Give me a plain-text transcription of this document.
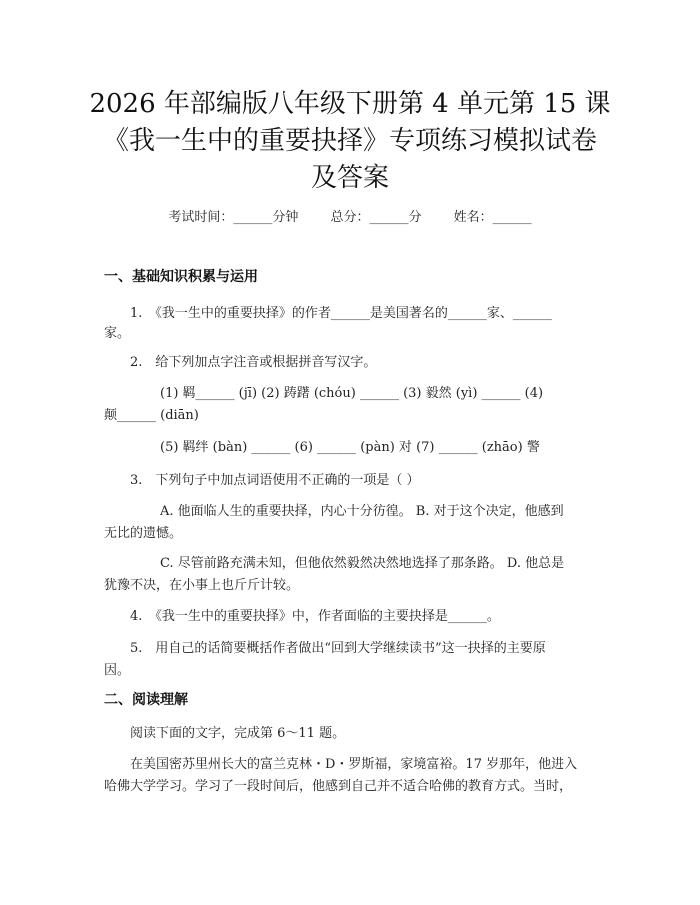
2026 年部编版八年级下册第 4 单元第 15 课
《我一生中的重要抉择》专项练习模拟试卷
及答案
考试时间：______分钟 总分：______分 姓名：______
一、基础知识积累与运用
1.　《我一生中的重要抉择》的作者______是美国著名的______家、______
家。
2.　给下列加点字注音或根据拼音写汉字。
(1) 羁______ (jī) (2) 踌躇 (chóu) ______ (3) 毅然 (yì) ______ (4)
颠______ (diān)
(5) 羁绊 (bàn) ______ (6) ______ (pàn) 对 (7) ______ (zhāo) 警
3.　下列句子中加点词语使用不正确的一项是（ ）
A. 他面临人生的重要抉择，内心十分彷徨。 B. 对于这个决定，他感到
无比的遗憾。
C. 尽管前路充满未知，但他依然毅然决然地选择了那条路。 D. 他总是
犹豫不决，在小事上也斤斤计较。
4.　《我一生中的重要抉择》中，作者面临的主要抉择是______。
5.　用自己的话简要概括作者做出“回到大学继续读书”这一抉择的主要原
因。
二、阅读理解
阅读下面的文字，完成第 6～11 题。
在美国密苏里州长大的富兰克林・D・罗斯福，家境富裕。17 岁那年，他进入
哈佛大学学习。学习了一段时间后，他感到自己并不适合哈佛的教育方式。当时，
